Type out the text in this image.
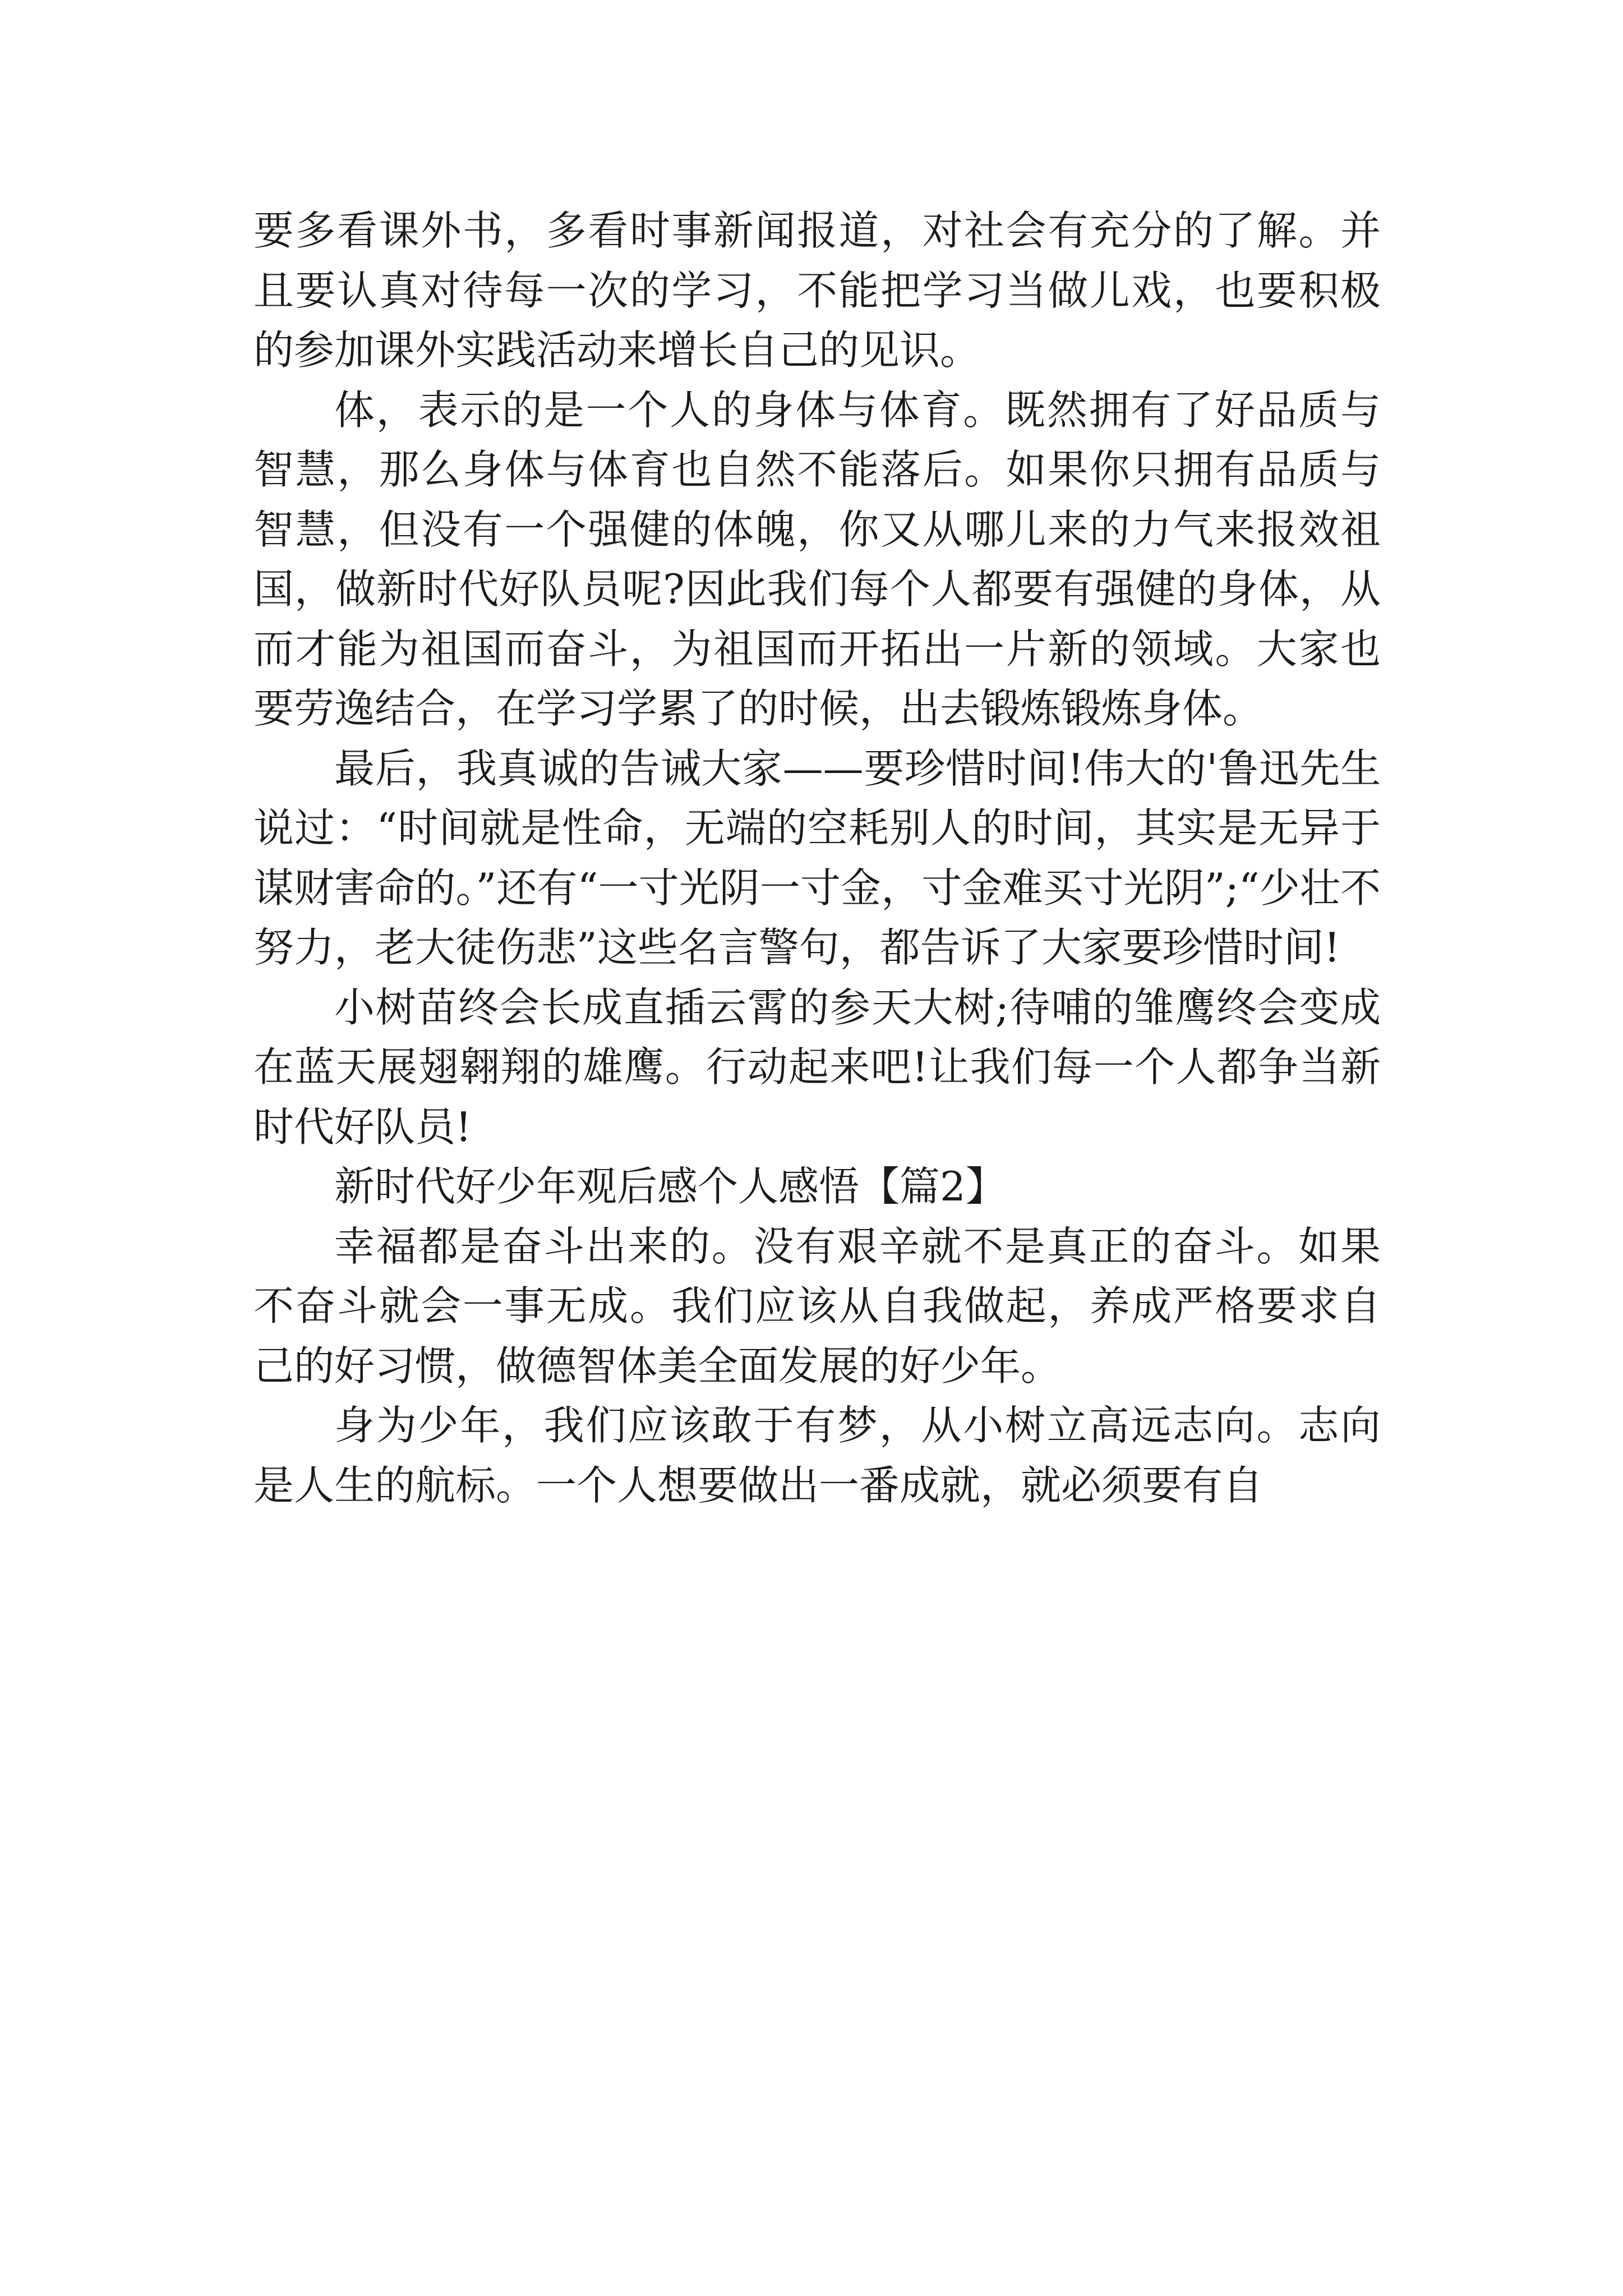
要多看课外书，多看时事新闻报道，对社会有充分的了解。并且要认真对待每一次的学习，不能把学习当做儿戏，也要积极的参加课外实践活动来增长自己的见识。

体，表示的是一个人的身体与体育。既然拥有了好品质与智慧，那么身体与体育也自然不能落后。如果你只拥有品质与智慧，但没有一个强健的体魄，你又从哪儿来的力气来报效祖国，做新时代好队员呢?因此我们每个人都要有强健的身体，从而才能为祖国而奋斗，为祖国而开拓出一片新的领域。大家也要劳逸结合，在学习学累了的时候，出去锻炼锻炼身体。

最后，我真诚的告诫大家——要珍惜时间!伟大的'鲁迅先生说过：“时间就是性命，无端的空耗别人的时间，其实是无异于谋财害命的。”还有“一寸光阴一寸金，寸金难买寸光阴”;“少壮不努力，老大徒伤悲”这些名言警句，都告诉了大家要珍惜时间!

小树苗终会长成直插云霄的参天大树;待哺的雏鹰终会变成在蓝天展翅翱翔的雄鹰。行动起来吧!让我们每一个人都争当新时代好队员!

新时代好少年观后感个人感悟【篇2】

幸福都是奋斗出来的。没有艰辛就不是真正的奋斗。如果不奋斗就会一事无成。我们应该从自我做起，养成严格要求自己的好习惯，做德智体美全面发展的好少年。

身为少年，我们应该敢于有梦，从小树立高远志向。志向是人生的航标。一个人想要做出一番成就，就必须要有自
